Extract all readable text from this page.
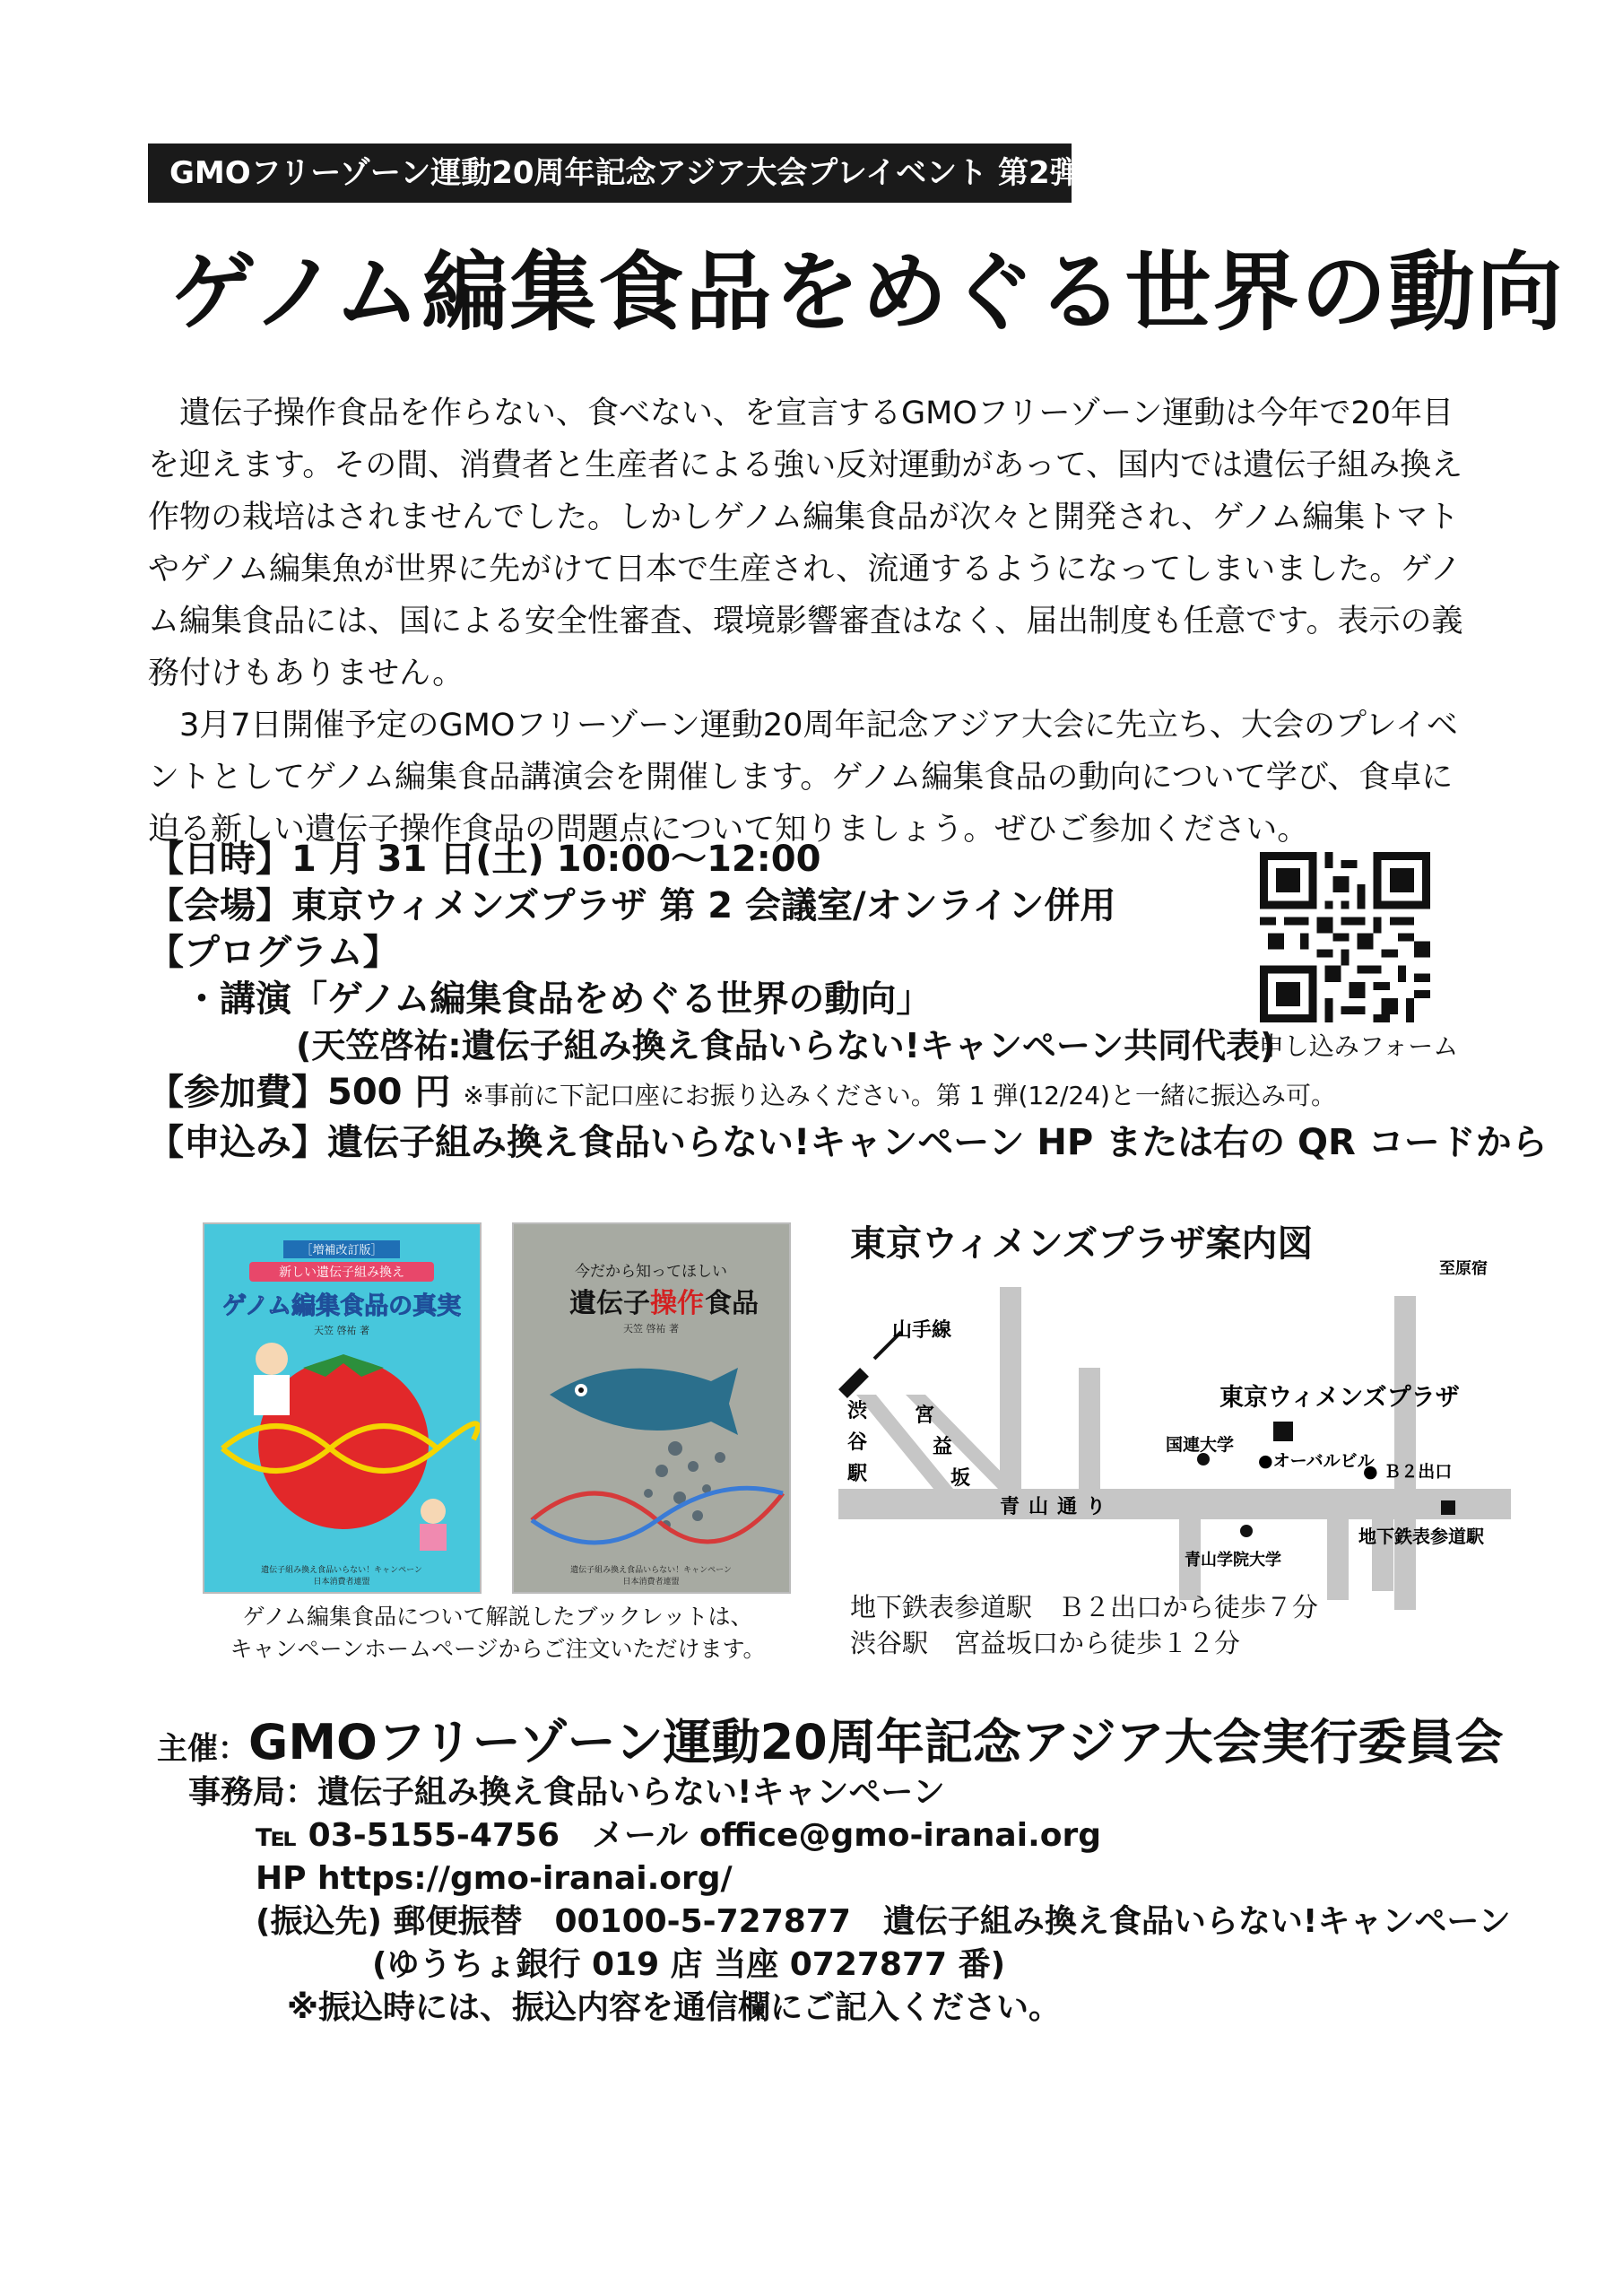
GMOフリーゾーン運動20周年記念アジア大会プレイベント 第2弾
ゲノム編集食品をめぐる世界の動向

遺伝子操作食品を作らない、食べない、を宣言するGMOフリーゾーン運動は今年で20年目を迎えます。その間、消費者と生産者による強い反対運動があって、国内では遺伝子組み換え作物の栽培はされませんでした。しかしゲノム編集食品が次々と開発され、ゲノム編集トマトやゲノム編集魚が世界に先がけて日本で生産され、流通するようになってしまいました。ゲノム編集食品には、国による安全性審査、環境影響審査はなく、届出制度も任意です。表示の義務付けもありません。

3月7日開催予定のGMOフリーゾーン運動20周年記念アジア大会に先立ち、大会のプレイベントとしてゲノム編集食品講演会を開催します。ゲノム編集食品の動向について学び、食卓に迫る新しい遺伝子操作食品の問題点について知りましょう。ぜひご参加ください。

【日時】1 月 31 日(土) 10:00～12:00
【会場】東京ウィメンズプラザ 第 2 会議室/オンライン併用
【プログラム】
・講演「ゲノム編集食品をめぐる世界の動向」
(天笠啓祐:遺伝子組み換え食品いらない!キャンペーン共同代表)
【参加費】500 円 ※事前に下記口座にお振り込みください。第 1 弾(12/24)と一緒に振込み可。
【申込み】遺伝子組み換え食品いらない!キャンペーン HP または右の QR コードから
申し込みフォーム
［増補改訂版］
新しい遺伝子組み換え
ゲノム編集食品の真実
天笠 啓祐 著
遺伝子組み換え食品いらない！キャンペーン
日本消費者連盟
今だから知ってほしい
遺伝子 操作 食品
天笠 啓祐 著
遺伝子組み換え食品いらない！キャンペーン
日本消費者連盟
ゲノム編集食品について解説したブックレットは、
キャンペーンホームページからご注文いただけます。
東京ウィメンズプラザ案内図
至原宿
山手線
渋 谷 駅
宮 益 坂
青山通り
東京ウィメンズプラザ
国連大学
●オーバルビル
● Ｂ２出口
地下鉄表参道駅
青山学院大学
地下鉄表参道駅　Ｂ２出口から徒歩７分
渋谷駅　宮益坂口から徒歩１２分
主催：GMOフリーゾーン運動20周年記念アジア大会実行委員会
事務局：遺伝子組み換え食品いらない!キャンペーン
℡ 03-5155-4756　メール office@gmo-iranai.org
HP https://gmo-iranai.org/
(振込先) 郵便振替　00100-5-727877　遺伝子組み換え食品いらない!キャンペーン
(ゆうちょ銀行 019 店 当座 0727877 番)
※振込時には、振込内容を通信欄にご記入ください。
